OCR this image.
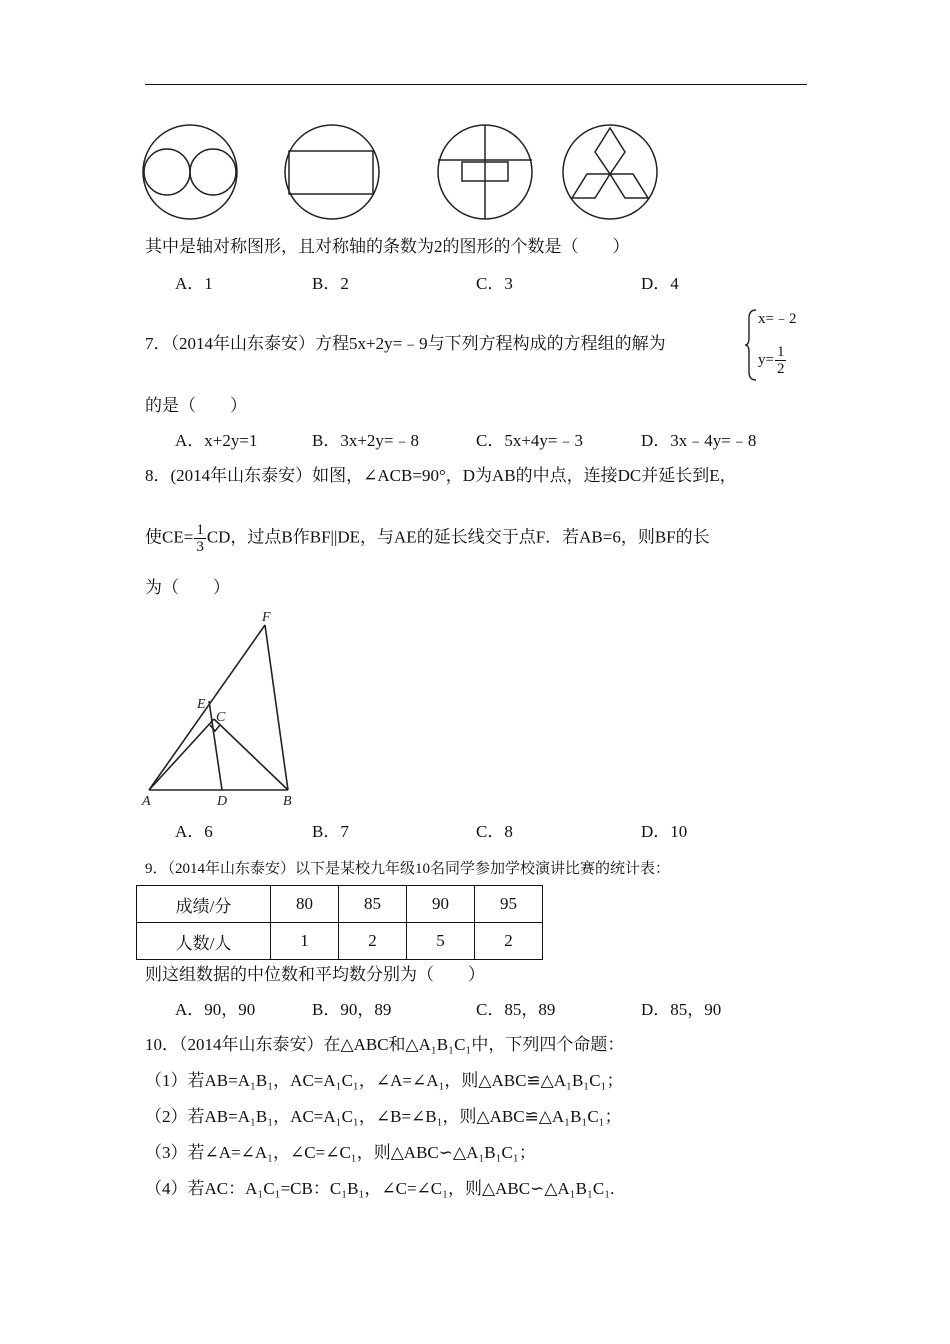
其中是轴对称图形，且对称轴的条数为2的图形的个数是（　　）
A．1	B．2	C．3	D．4
7．（2014年山东泰安）方程5x+2y=﹣9与下列方程构成的方程组的解为
x=﹣2
$y= \frac{1}{2}$
的是（　　）
A．x+2y=1	B．3x+2y=﹣8	C．5x+4y=﹣3	D．3x﹣4y=﹣8
8．(2014年山东泰安）如图，∠ACB=90°，D为AB的中点，连接DC并延长到E，
使$CE= \frac{1}{3}$ CD，过点B作BF||DE，与AE的延长线交于点F．若AB=6，则BF的长
为（　　）
F
E
C
A	D	B
A．6	B．7	C．8	D．10
9．（2014年山东泰安）以下是某校九年级10名同学参加学校演讲比赛的统计表：
成绩/分	80	85	90	95
人数/人	1	2	5	2
则这组数据的中位数和平均数分别为（　　）
A．90，90	B．90，89	C．85，89	D．85，90
10．（2014年山东泰安）在△ABC和△A₁B₁C₁中，下列四个命题：
（1）若AB=A₁B₁，AC=A₁C₁，∠A=∠A₁，则△ABC≌△A₁B₁C₁；
（2）若AB=A₁B₁，AC=A₁C₁，∠B=∠B₁，则△ABC≌△A₁B₁C₁；
（3）若∠A=∠A₁，∠C=∠C₁，则△ABC∽△A₁B₁C₁；
（4）若AC：A₁C₁=CB：C₁B₁，∠C=∠C₁，则△ABC∽△A₁B₁C₁.
